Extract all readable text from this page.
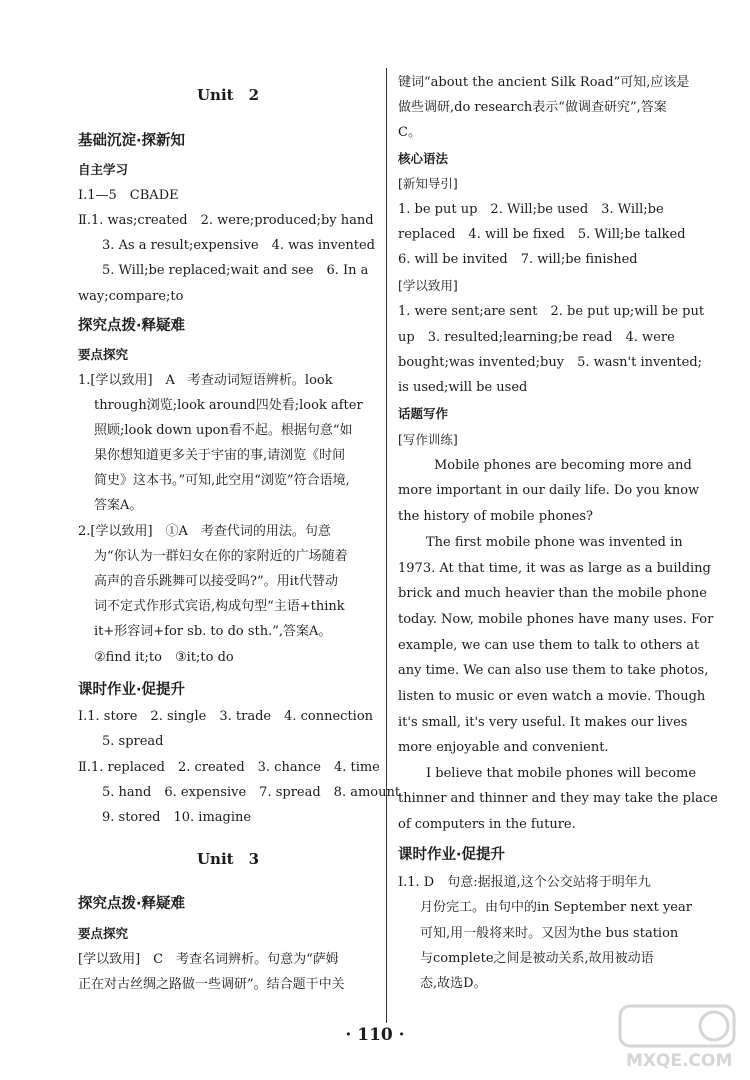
Unit　2
基础沉淀·探新知
自主学习
Ⅰ.1—5　CBADE
Ⅱ.1. was;created　2. were;produced;by hand
3. As a result;expensive　4. was invented
5. Will;be replaced;wait and see　6. In a
way;compare;to
探究点拨·释疑难
要点探究
1.[学以致用]　A　考查动词短语辨析。look
through浏览;look around四处看;look after
照顾;look down upon看不起。根据句意“如
果你想知道更多关于宇宙的事,请浏览《时间
简史》这本书。”可知,此空用“浏览”符合语境,
答案A。
2.[学以致用]　①A　考查代词的用法。句意
为“你认为一群妇女在你的家附近的广场随着
高声的音乐跳舞可以接受吗?”。用it代替动
词不定式作形式宾语,构成句型“主语+think
it+形容词+for sb. to do sth.”,答案A。
②find it;to　③it;to do
课时作业·促提升
Ⅰ.1. store　2. single　3. trade　4. connection
5. spread
Ⅱ.1. replaced　2. created　3. chance　4. time
5. hand　6. expensive　7. spread　8. amount
9. stored　10. imagine
Unit　3
探究点拨·释疑难
要点探究
[学以致用]　C　考查名词辨析。句意为“萨姆
正在对古丝绸之路做一些调研”。结合题干中关
键词“about the ancient Silk Road”可知,应该是
做些调研,do research表示“做调查研究”,答案
C。
核心语法
[新知导引]
1. be put up　2. Will;be used　3. Will;be
replaced　4. will be fixed　5. Will;be talked
6. will be invited　7. will;be finished
[学以致用]
1. were sent;are sent　2. be put up;will be put
up　3. resulted;learning;be read　4. were
bought;was invented;buy　5. wasn't invented;
is used;will be used
话题写作
[写作训练]
Mobile phones are becoming more and
more important in our daily life. Do you know
the history of mobile phones?
The first mobile phone was invented in
1973. At that time, it was as large as a building
brick and much heavier than the mobile phone
today. Now, mobile phones have many uses. For
example, we can use them to talk to others at
any time. We can also use them to take photos,
listen to music or even watch a movie. Though
it's small, it's very useful. It makes our lives
more enjoyable and convenient.
I believe that mobile phones will become
thinner and thinner and they may take the place
of computers in the future.
课时作业·促提升
Ⅰ.1. D　句意:据报道,这个公交站将于明年九
月份完工。由句中的in September next year
可知,用一般将来时。又因为the bus station
与complete之间是被动关系,故用被动语
态,故选D。
· 110 ·
MXQE.COM
